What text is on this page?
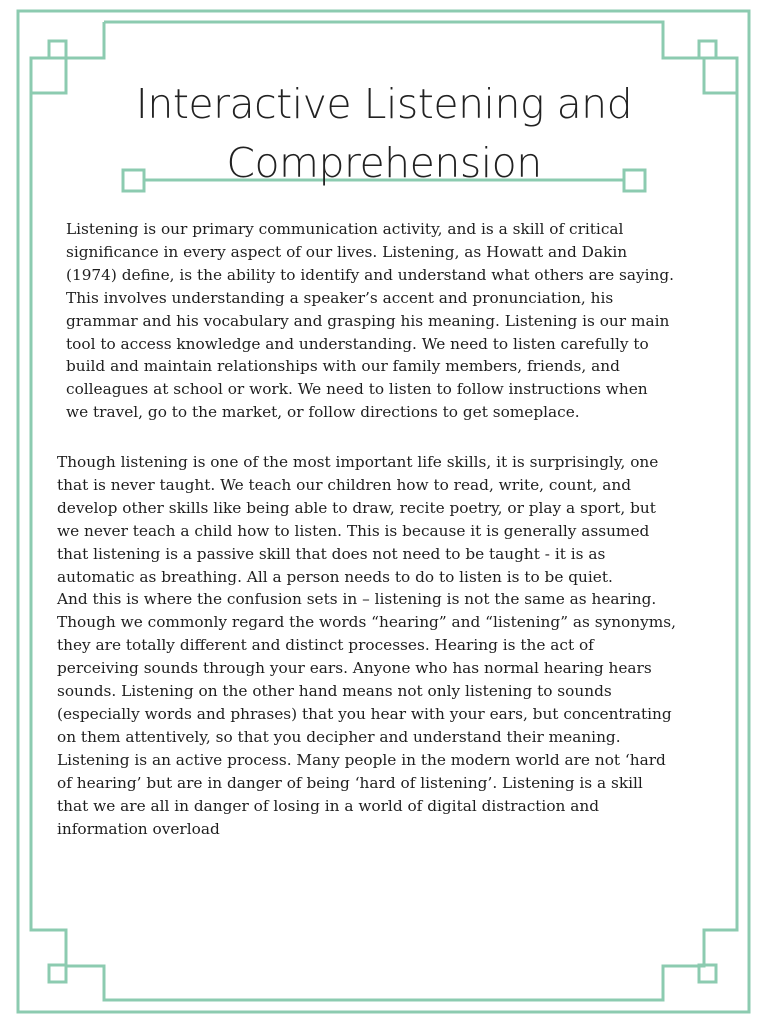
Interactive Listening and
Comprehension
Listening is our primary communication activity, and is a skill of critical
significance in every aspect of our lives. Listening, as Howatt and Dakin
(1974) define, is the ability to identify and understand what others are saying.
This involves understanding a speaker’s accent and pronunciation, his
grammar and his vocabulary and grasping his meaning. Listening is our main
tool to access knowledge and understanding. We need to listen carefully to
build and maintain relationships with our family members, friends, and
colleagues at school or work. We need to listen to follow instructions when
we travel, go to the market, or follow directions to get someplace.
Though listening is one of the most important life skills, it is surprisingly, one
that is never taught. We teach our children how to read, write, count, and
develop other skills like being able to draw, recite poetry, or play a sport, but
we never teach a child how to listen. This is because it is generally assumed
that listening is a passive skill that does not need to be taught - it is as
automatic as breathing. All a person needs to do to listen is to be quiet.
And this is where the confusion sets in – listening is not the same as hearing.
Though we commonly regard the words “hearing” and “listening” as synonyms,
they are totally different and distinct processes. Hearing is the act of
perceiving sounds through your ears. Anyone who has normal hearing hears
sounds. Listening on the other hand means not only listening to sounds
(especially words and phrases) that you hear with your ears, but concentrating
on them attentively, so that you decipher and understand their meaning.
Listening is an active process. Many people in the modern world are not ‘hard
of hearing’ but are in danger of being ‘hard of listening’. Listening is a skill
that we are all in danger of losing in a world of digital distraction and
information overload
